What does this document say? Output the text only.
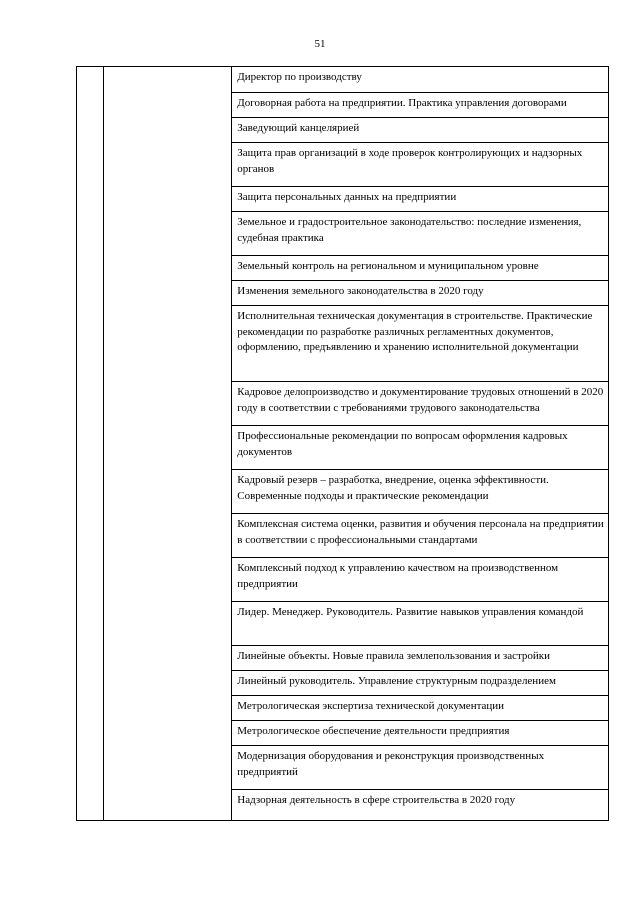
51

Директор по производству
Договорная работа на предприятии. Практика управления договорами
Заведующий канцелярией
Защита прав организаций в ходе проверок контролирующих и надзорных органов
Защита персональных данных на предприятии
Земельное и градостроительное законодательство: последние изменения, судебная практика
Земельный контроль на региональном и муниципальном уровне
Изменения земельного законодательства в 2020 году
Исполнительная техническая документация в строительстве. Практические рекомендации по разработке различных регламентных документов, оформлению, предъявлению и хранению исполнительной документации
Кадровое делопроизводство и документирование трудовых отношений в 2020 году в соответствии с требованиями трудового законодательства
Профессиональные рекомендации по вопросам оформления кадровых документов
Кадровый резерв – разработка, внедрение, оценка эффективности. Современные подходы и практические рекомендации
Комплексная система оценки, развития и обучения персонала на предприятии в соответствии с профессиональными стандартами
Комплексный подход к управлению качеством на производственном предприятии
Лидер. Менеджер. Руководитель. Развитие навыков управления командой
Линейные объекты. Новые правила землепользования и застройки
Линейный руководитель. Управление структурным подразделением
Метрологическая экспертиза технической документации
Метрологическое обеспечение деятельности предприятия
Модернизация оборудования и реконструкция производственных предприятий
Надзорная деятельность в сфере строительства в 2020 году
